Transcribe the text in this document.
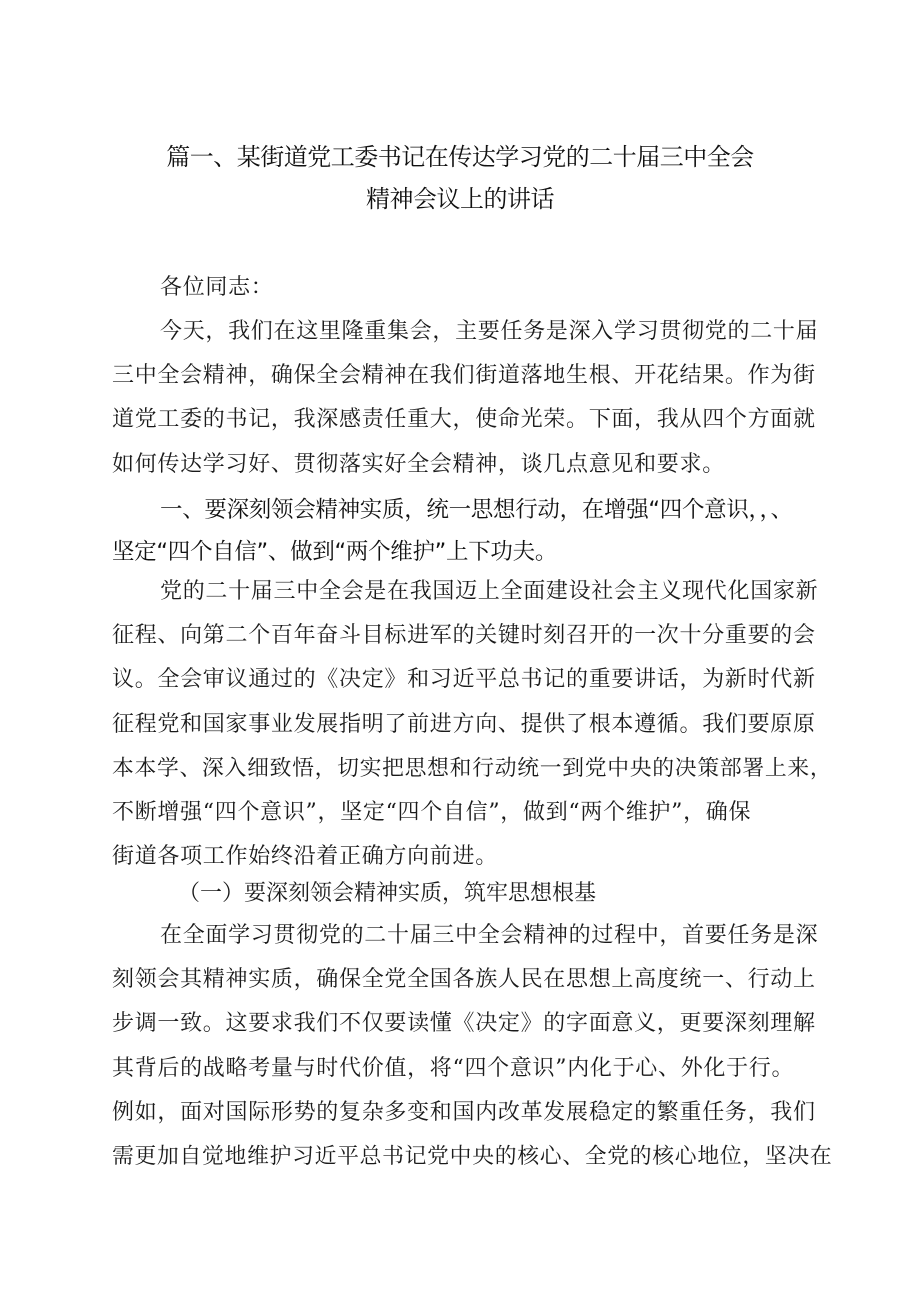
篇一、某街道党工委书记在传达学习党的二十届三中全会
精神会议上的讲话

各位同志：

今天，我们在这里隆重集会，主要任务是深入学习贯彻党的二十届
三中全会精神，确保全会精神在我们街道落地生根、开花结果。作为街
道党工委的书记，我深感责任重大，使命光荣。下面，我从四个方面就
如何传达学习好、贯彻落实好全会精神，谈几点意见和要求。
一、要深刻领会精神实质，统一思想行动，在增强“四个意识，，、
坚定“四个自信”、做到“两个维护”上下功夫。
党的二十届三中全会是在我国迈上全面建设社会主义现代化国家新
征程、向第二个百年奋斗目标进军的关键时刻召开的一次十分重要的会
议。全会审议通过的《决定》和习近平总书记的重要讲话，为新时代新
征程党和国家事业发展指明了前进方向、提供了根本遵循。我们要原原
本本学、深入细致悟，切实把思想和行动统一到党中央的决策部署上来，
不断增强“四个意识”，坚定“四个自信”，做到“两个维护”，确保
街道各项工作始终沿着正确方向前进。

（一）要深刻领会精神实质，筑牢思想根基

在全面学习贯彻党的二十届三中全会精神的过程中，首要任务是深
刻领会其精神实质，确保全党全国各族人民在思想上高度统一、行动上
步调一致。这要求我们不仅要读懂《决定》的字面意义，更要深刻理解
其背后的战略考量与时代价值，将“四个意识”内化于心、外化于行。
例如，面对国际形势的复杂多变和国内改革发展稳定的繁重任务，我们
需更加自觉地维护习近平总书记党中央的核心、全党的核心地位，坚决在
